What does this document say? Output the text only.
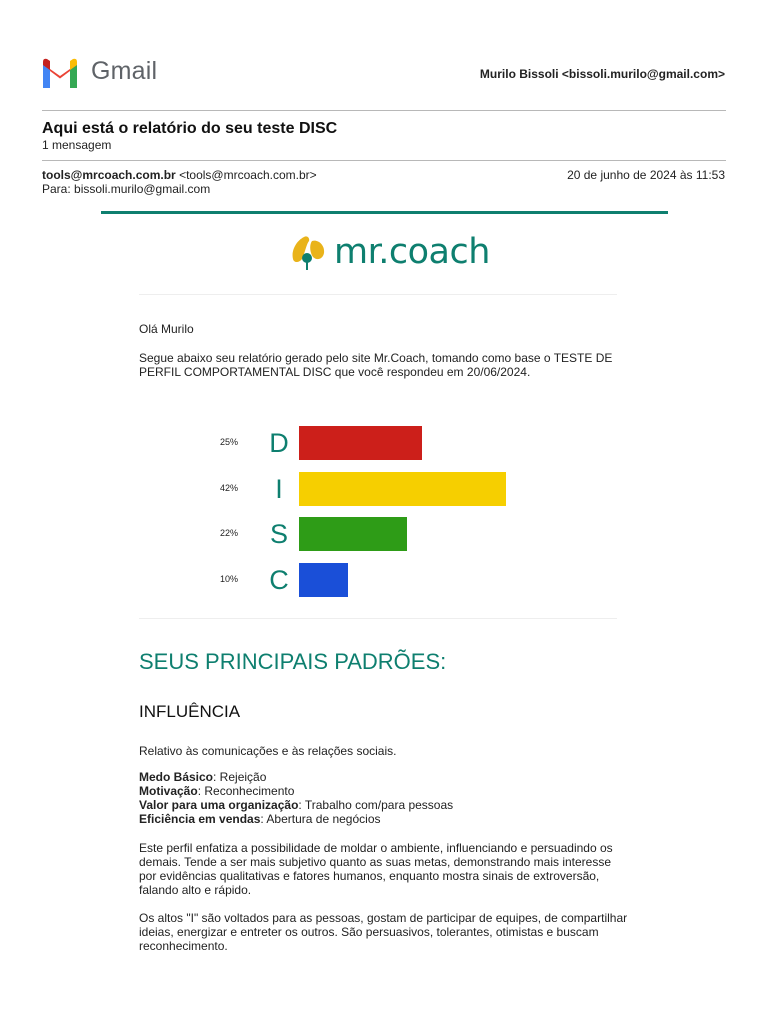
Gmail	Murilo Bissoli <bissoli.murilo@gmail.com>
Aqui está o relatório do seu teste DISC
1 mensagem
tools@mrcoach.com.br <tools@mrcoach.com.br>
Para: bissoli.murilo@gmail.com
20 de junho de 2024 às 11:53
mr.coach
Olá Murilo
Segue abaixo seu relatório gerado pelo site Mr.Coach, tomando como base o TESTE DE PERFIL COMPORTAMENTAL DISC que você respondeu em 20/06/2024.
25% D
42%	I
22% S
10% C
SEUS PRINCIPAIS PADRÕES:
INFLUÊNCIA
Relativo às comunicações e às relações sociais.
Medo Básico: Rejeição
Motivação: Reconhecimento
Valor para uma organização: Trabalho com/para pessoas
Eficiência em vendas: Abertura de negócios
Este perfil enfatiza a possibilidade de moldar o ambiente, influenciando e persuadindo os demais. Tende a ser mais subjetivo quanto as suas metas, demonstrando mais interesse por evidências qualitativas e fatores humanos, enquanto mostra sinais de extroversão, falando alto e rápido.
Os altos "I" são voltados para as pessoas, gostam de participar de equipes, de compartilhar ideias, energizar e entreter os outros. São persuasivos, tolerantes, otimistas e buscam reconhecimento.
